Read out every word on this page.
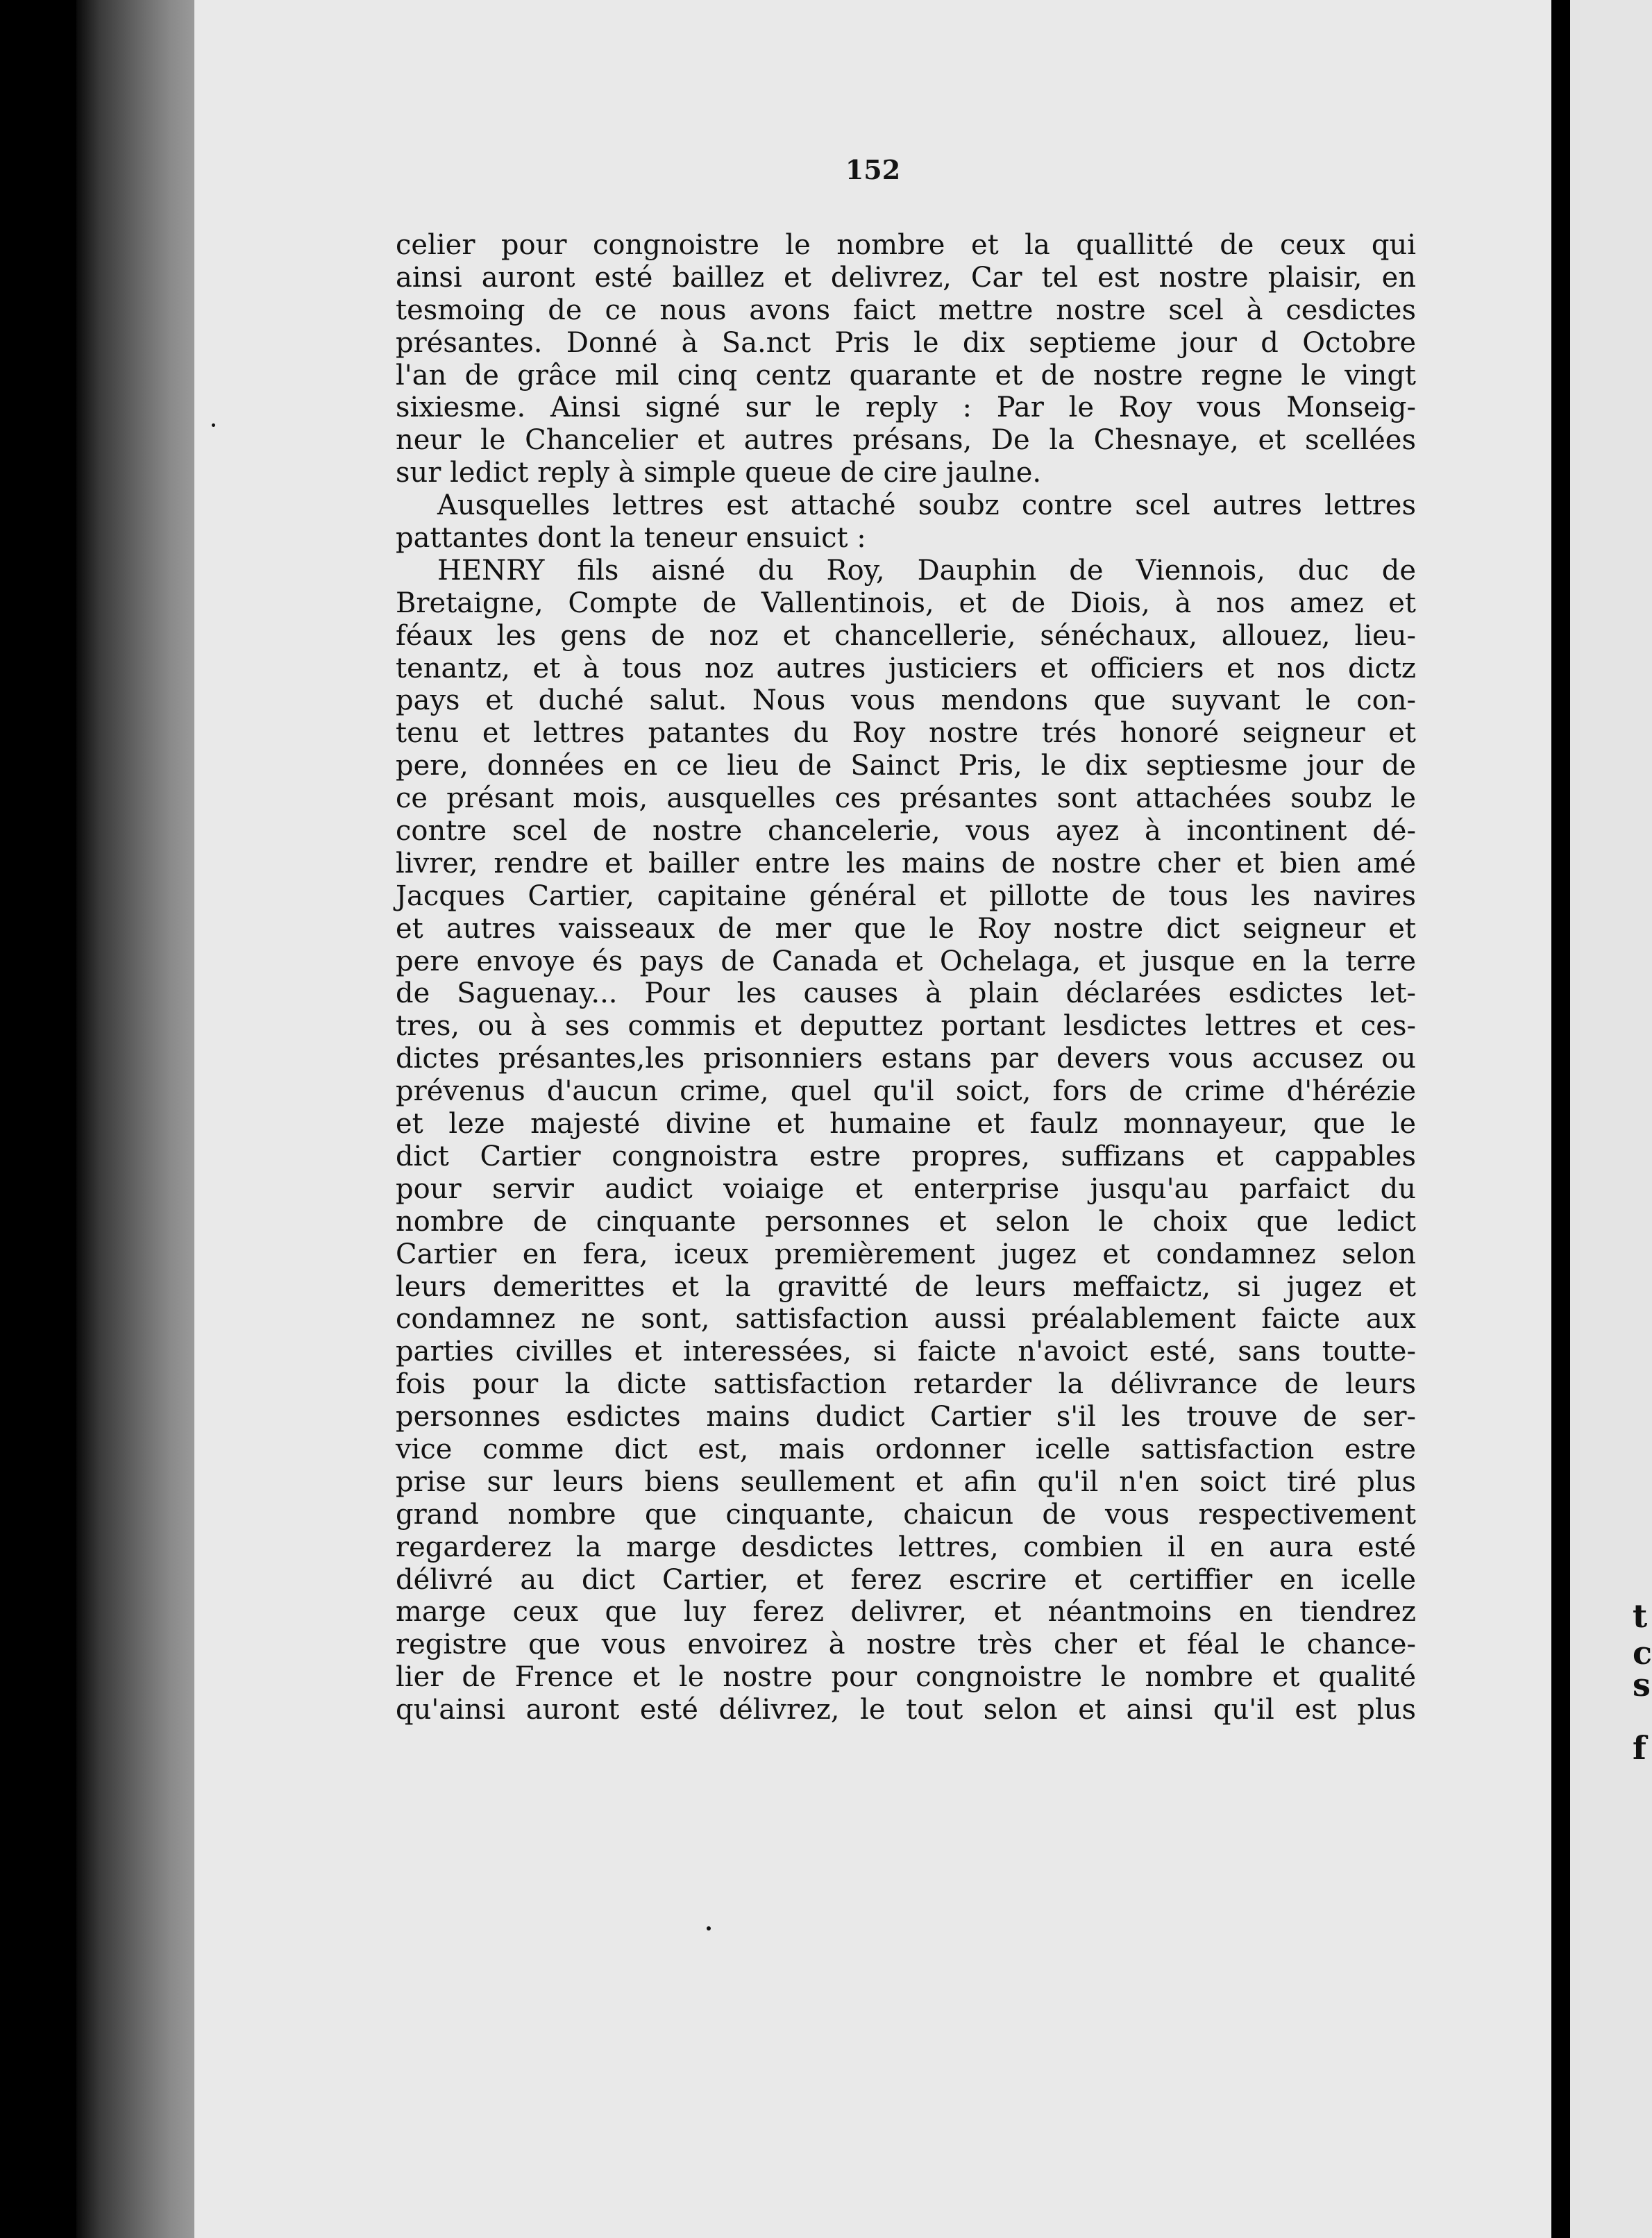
152
t
c
s
f
celier pour congnoistre le nombre et la quallitté de ceux qui
ainsi auront esté baillez et delivrez, Car tel est nostre plaisir, en
tesmoing de ce nous avons faict mettre nostre scel à cesdictes
présantes. Donné à Sa.nct Pris le dix septieme jour d Octobre
l'an de grâce mil cinq centz quarante et de nostre regne le vingt
sixiesme. Ainsi signé sur le reply : Par le Roy vous Monseig-
neur le Chancelier et autres présans, De la Chesnaye, et scellées
sur ledict reply à simple queue de cire jaulne.
Ausquelles lettres est attaché soubz contre scel autres lettres
pattantes dont la teneur ensuict :
HENRY fils aisné du Roy, Dauphin de Viennois, duc de
Bretaigne, Compte de Vallentinois, et de Diois, à nos amez et
féaux les gens de noz et chancellerie, sénéchaux, allouez, lieu-
tenantz, et à tous noz autres justiciers et officiers et nos dictz
pays et duché salut. Nous vous mendons que suyvant le con-
tenu et lettres patantes du Roy nostre trés honoré seigneur et
pere, données en ce lieu de Sainct Pris, le dix septiesme jour de
ce présant mois, ausquelles ces présantes sont attachées soubz le
contre scel de nostre chancelerie, vous ayez à incontinent dé-
livrer, rendre et bailler entre les mains de nostre cher et bien amé
Jacques Cartier, capitaine général et pillotte de tous les navires
et autres vaisseaux de mer que le Roy nostre dict seigneur et
pere envoye és pays de Canada et Ochelaga, et jusque en la terre
de Saguenay... Pour les causes à plain déclarées esdictes let-
tres, ou à ses commis et deputtez portant lesdictes lettres et ces-
dictes présantes,les prisonniers estans par devers vous accusez ou
prévenus d'aucun crime, quel qu'il soict, fors de crime d'hérézie
et leze majesté divine et humaine et faulz monnayeur, que le
dict Cartier congnoistra estre propres, suffizans et cappables
pour servir audict voiaige et enterprise jusqu'au parfaict du
nombre de cinquante personnes et selon le choix que ledict
Cartier en fera, iceux premièrement jugez et condamnez selon
leurs demerittes et la gravitté de leurs meffaictz, si jugez et
condamnez ne sont, sattisfaction aussi préalablement faicte aux
parties civilles et interessées, si faicte n'avoict esté, sans toutte-
fois pour la dicte sattisfaction retarder la délivrance de leurs
personnes esdictes mains dudict Cartier s'il les trouve de ser-
vice comme dict est, mais ordonner icelle sattisfaction estre
prise sur leurs biens seullement et afin qu'il n'en soict tiré plus
grand nombre que cinquante, chaicun de vous respectivement
regarderez la marge desdictes lettres, combien il en aura esté
délivré au dict Cartier, et ferez escrire et certiffier en icelle
marge ceux que luy ferez delivrer, et néantmoins en tiendrez
registre que vous envoirez à nostre très cher et féal le chance-
lier de Frence et le nostre pour congnoistre le nombre et qualité
qu'ainsi auront esté délivrez, le tout selon et ainsi qu'il est plus
